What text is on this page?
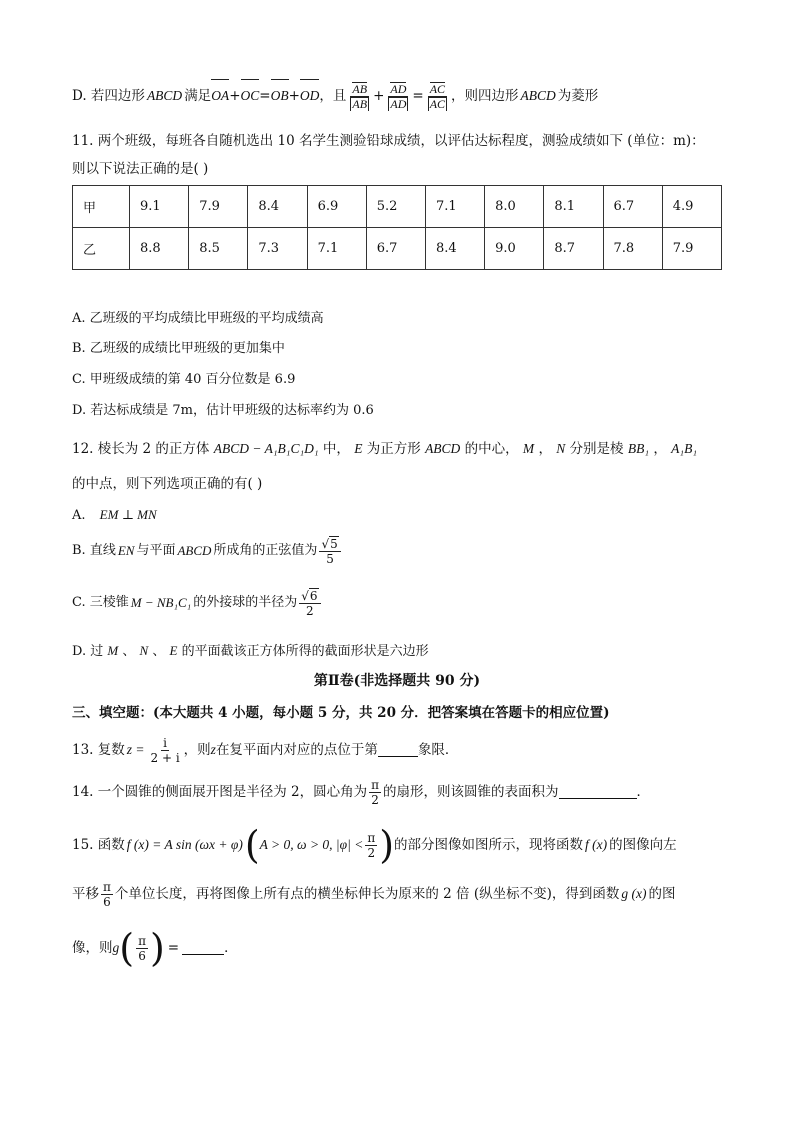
D. 若四边形 ABCD 满足 OA + OC = OB + OD ，且 $\frac{AB}{AB} + \frac{AD}{AD} = \frac{AC}{AC}$ ，则四边形 ABCD 为菱形
11. 两个班级，每班各自随机选出 10 名学生测验铅球成绩，以评估达标程度，测验成绩如下 (单位：m)：
则以下说法正确的是( )
甲	9.1	7.9	8.4	6.9	5.2	7.1	8.0	8.1	6.7	4.9
乙	8.8	8.5	7.3	7.1	6.7	8.4	9.0	8.7	7.8	7.9
A. 乙班级的平均成绩比甲班级的平均成绩高
B. 乙班级的成绩比甲班级的更加集中
C. 甲班级成绩的第 40 百分位数是 6.9
D. 若达标成绩是 7m，估计甲班级的达标率约为 0.6
12. 棱长为 2 的正方体 ABCD − A₁B₁C₁D₁ 中， E 为正方形 ABCD 的中心， M ， N 分别是棱 BB₁ ， A₁B₁
的中点，则下列选项正确的有( )
A. EM ⊥ MN
B. 直线 EN 与平面 ABCD 所成角的正弦值为 $\frac{√5}{5}$
C. 三棱锥 M − NB₁C₁ 的外接球的半径为 $\frac{√6}{2}$
D. 过 M 、 N 、 E 的平面截该正方体所得的截面形状是六边形
第Ⅱ卷(非选择题共 90 分)
三、填空题：(本大题共 4 小题，每小题 5 分，共 20 分．把答案填在答题卡的相应位置)
13. 复数 $z = \frac{i}{2 + i}$ ，则 z 在复平面内对应的点位于第	象限．
14. 一个圆锥的侧面展开图是半径为 2，圆心角为 $\frac{\pi}{2}$ 的扇形，则该圆锥的表面积为	．
15. 函数 f (x) = A sin (ωx + φ) ( A > 0, ω > 0, $|\varphi| < \frac{\pi}{2}$ ) 的部分图像如图所示，现将函数 f (x) 的图像向左
平移 $\frac{\pi}{6}$ 个单位长度，再将图像上所有点的横坐标伸长为原来的 2 倍 (纵坐标不变)，得到函数 g (x) 的图
像，则 g ( $\frac{\pi}{6}$ ) =	．
